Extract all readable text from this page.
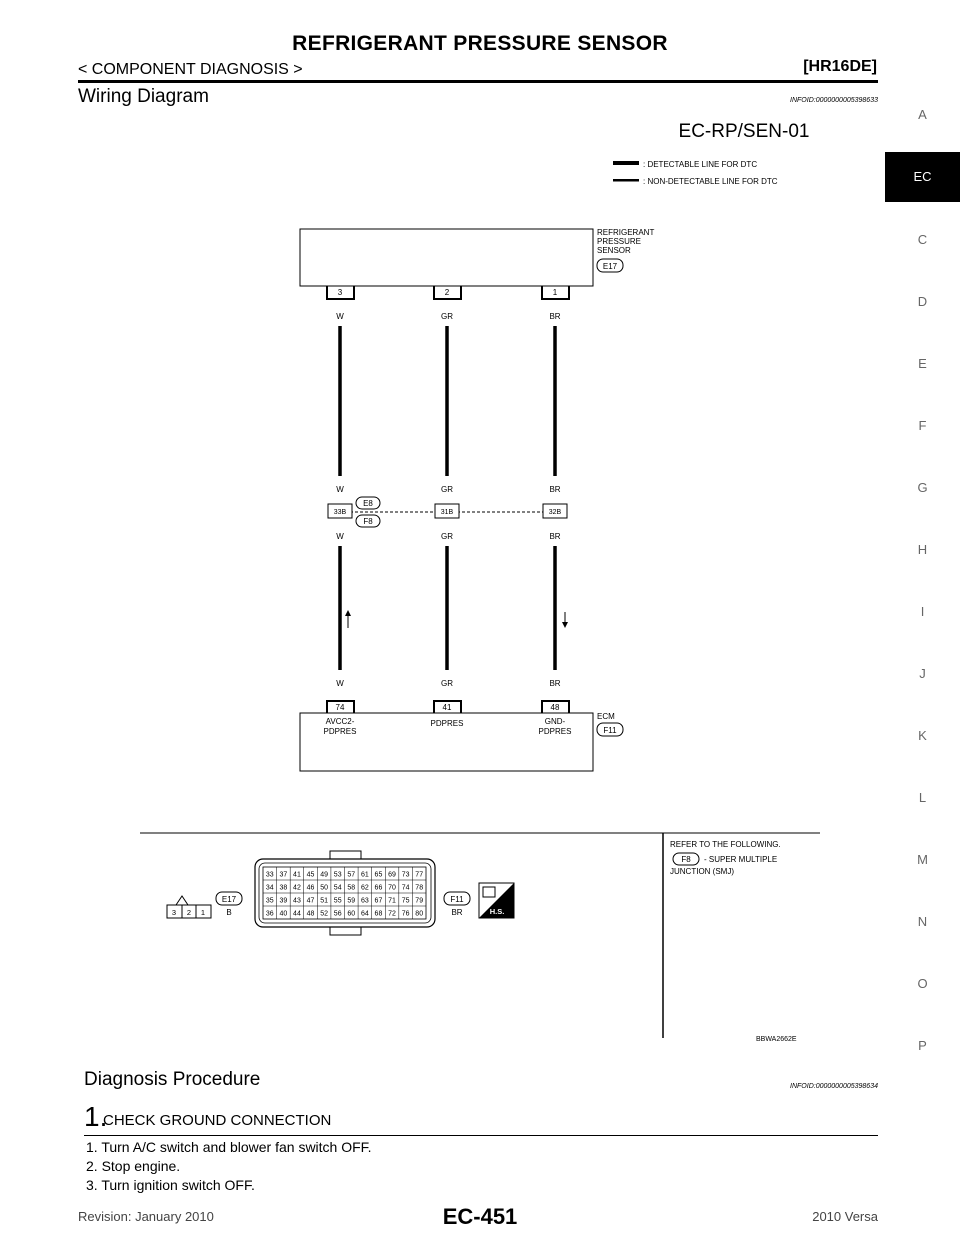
REFRIGERANT PRESSURE SENSOR
< COMPONENT DIAGNOSIS >	[HR16DE]
Wiring Diagram	INFOID:0000000005398633
A
EC
C
D
E
F
G
H
I
J
K
L
M
N
O
P
EC-RP/SEN-01
: DETECTABLE LINE FOR DTC
: NON-DETECTABLE LINE FOR DTC
REFRIGERANT
PRESSURE
SENSOR
E17
3	2	1
W	GR	BR
W	GR	BR
33B	31B	32B
E8
F8
W	GR	BR
W	GR	BR
74	41	48
AVCC2-
PDPRES
PDPRES	GND-
PDPRES
ECM
F11
3 2 1
E17
B
33 37 41 45 49 53 57 61 65 69 73 77
34 38 42 46 50 54 58 62 66 70 74 78
35 39 43 47 51 55 59 63 67 71 75 79
36 40 44 48 52 56 60 64 68 72 76 80
F11
BR	H.S.
REFER TO THE FOLLOWING.
F8 - SUPER MULTIPLE
JUNCTION (SMJ)
BBWA2662E
Diagnosis Procedure	INFOID:0000000005398634
1.
CHECK GROUND CONNECTION
1. Turn A/C switch and blower fan switch OFF.
2. Stop engine.
3. Turn ignition switch OFF.
Revision: January 2010	EC-451	2010 Versa
